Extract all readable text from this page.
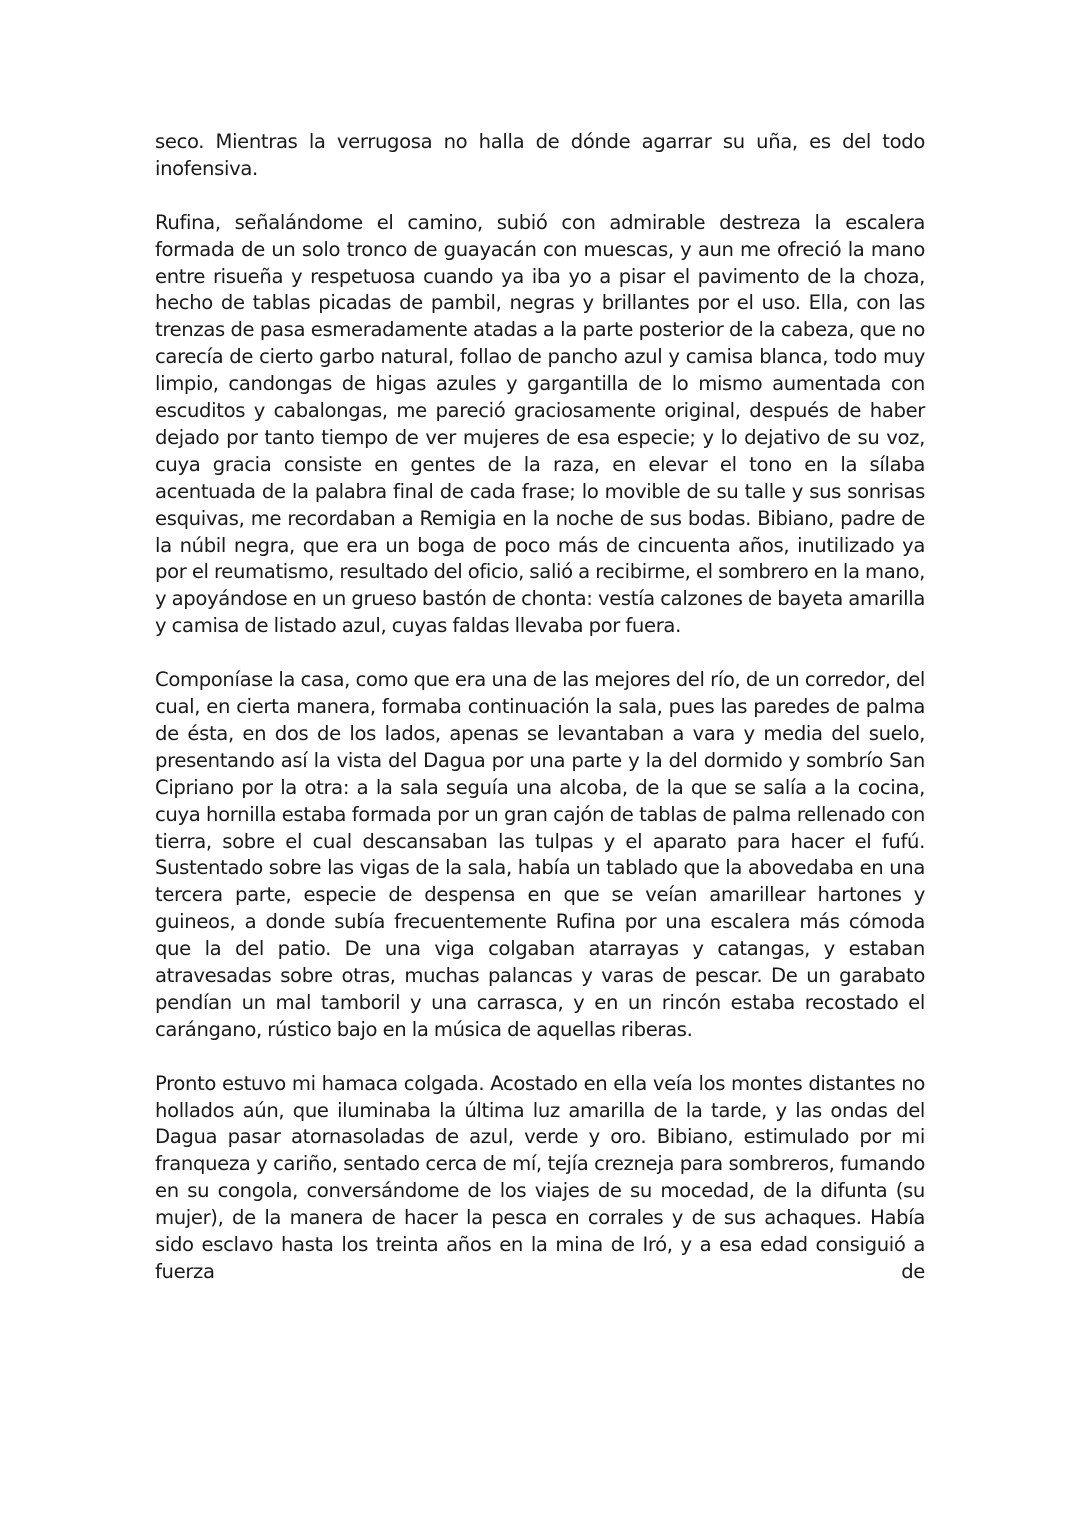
seco. Mientras la verrugosa no halla de dónde agarrar su uña, es del todo inofensiva.

Rufina, señalándome el camino, subió con admirable destreza la escalera formada de un solo tronco de guayacán con muescas, y aun me ofreció la mano entre risueña y respetuosa cuando ya iba yo a pisar el pavimento de la choza, hecho de tablas picadas de pambil, negras y brillantes por el uso. Ella, con las trenzas de pasa esmeradamente atadas a la parte posterior de la cabeza, que no carecía de cierto garbo natural, follao de pancho azul y camisa blanca, todo muy limpio, candongas de higas azules y gargantilla de lo mismo aumentada con escuditos y cabalongas, me pareció graciosamente original, después de haber dejado por tanto tiempo de ver mujeres de esa especie; y lo dejativo de su voz, cuya gracia consiste en gentes de la raza, en elevar el tono en la sílaba acentuada de la palabra final de cada frase; lo movible de su talle y sus sonrisas esquivas, me recordaban a Remigia en la noche de sus bodas. Bibiano, padre de la núbil negra, que era un boga de poco más de cincuenta años, inutilizado ya por el reumatismo, resultado del oficio, salió a recibirme, el sombrero en la mano, y apoyándose en un grueso bastón de chonta: vestía calzones de bayeta amarilla y camisa de listado azul, cuyas faldas llevaba por fuera.

Componíase la casa, como que era una de las mejores del río, de un corredor, del cual, en cierta manera, formaba continuación la sala, pues las paredes de palma de ésta, en dos de los lados, apenas se levantaban a vara y media del suelo, presentando así la vista del Dagua por una parte y la del dormido y sombrío San Cipriano por la otra: a la sala seguía una alcoba, de la que se salía a la cocina, cuya hornilla estaba formada por un gran cajón de tablas de palma rellenado con tierra, sobre el cual descansaban las tulpas y el aparato para hacer el fufú. Sustentado sobre las vigas de la sala, había un tablado que la abovedaba en una tercera parte, especie de despensa en que se veían amarillear hartones y guineos, a donde subía frecuentemente Rufina por una escalera más cómoda que la del patio. De una viga colgaban atarrayas y catangas, y estaban atravesadas sobre otras, muchas palancas y varas de pescar. De un garabato pendían un mal tamboril y una carrasca, y en un rincón estaba recostado el carángano, rústico bajo en la música de aquellas riberas.

Pronto estuvo mi hamaca colgada. Acostado en ella veía los montes distantes no hollados aún, que iluminaba la última luz amarilla de la tarde, y las ondas del Dagua pasar atornasoladas de azul, verde y oro. Bibiano, estimulado por mi franqueza y cariño, sentado cerca de mí, tejía crezneja para sombreros, fumando en su congola, conversándome de los viajes de su mocedad, de la difunta (su mujer), de la manera de hacer la pesca en corrales y de sus achaques. Había sido esclavo hasta los treinta años en la mina de Iró, y a esa edad consiguió a fuerza de
